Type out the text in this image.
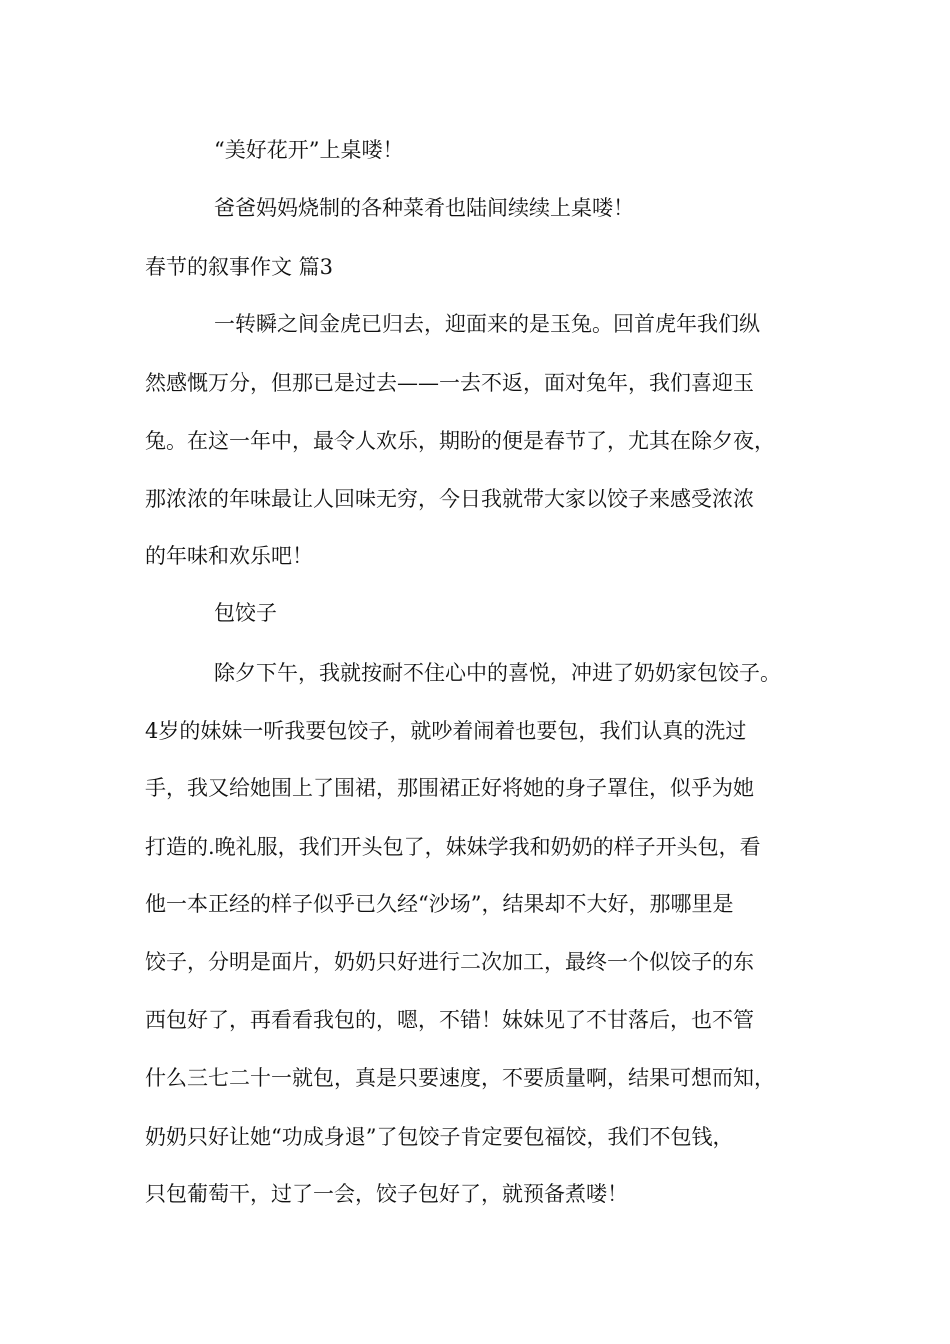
“美好花开”上桌喽！
爸爸妈妈烧制的各种菜肴也陆间续续上桌喽！
春节的叙事作文 篇3
一转瞬之间金虎已归去，迎面来的是玉兔。回首虎年我们纵
然感慨万分，但那已是过去——一去不返，面对兔年，我们喜迎玉
兔。在这一年中，最令人欢乐，期盼的便是春节了，尤其在除夕夜，
那浓浓的年味最让人回味无穷，今日我就带大家以饺子来感受浓浓
的年味和欢乐吧！
包饺子
除夕下午，我就按耐不住心中的喜悦，冲进了奶奶家包饺子。
4岁的妹妹一听我要包饺子，就吵着闹着也要包，我们认真的洗过
手，我又给她围上了围裙，那围裙正好将她的身子罩住，似乎为她
打造的.晚礼服，我们开头包了，妹妹学我和奶奶的样子开头包，看
他一本正经的样子似乎已久经“沙场”，结果却不大好，那哪里是
饺子，分明是面片，奶奶只好进行二次加工，最终一个似饺子的东
西包好了，再看看我包的，嗯，不错！妹妹见了不甘落后，也不管
什么三七二十一就包，真是只要速度，不要质量啊，结果可想而知，
奶奶只好让她“功成身退”了包饺子肯定要包福饺，我们不包钱，
只包葡萄干，过了一会，饺子包好了，就预备煮喽！
